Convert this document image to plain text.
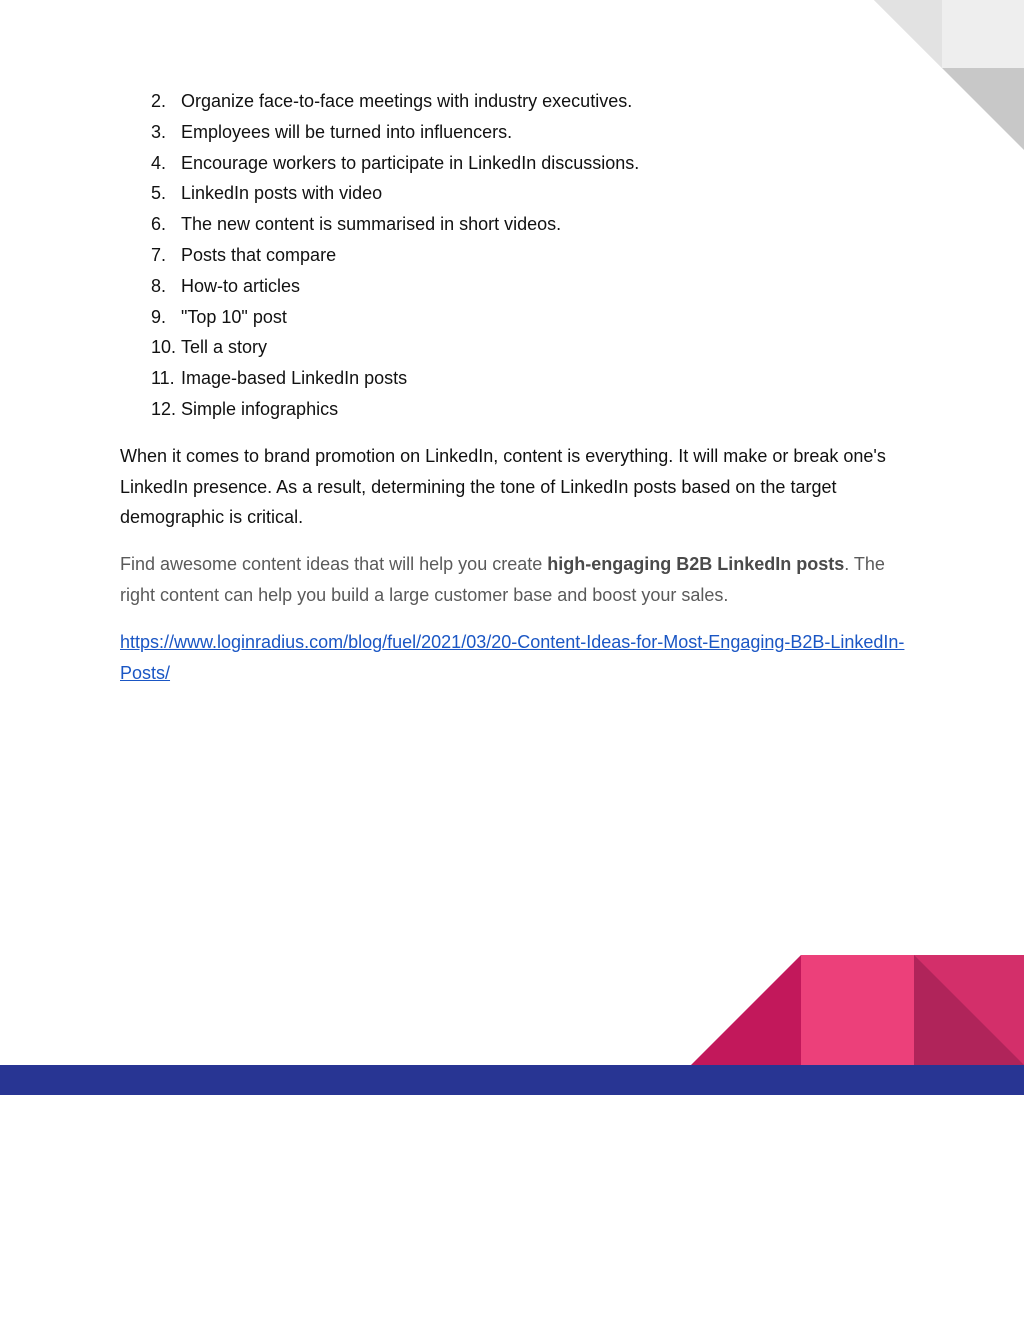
2. Organize face-to-face meetings with industry executives.
3. Employees will be turned into influencers.
4. Encourage workers to participate in LinkedIn discussions.
5. LinkedIn posts with video
6. The new content is summarised in short videos.
7. Posts that compare
8. How-to articles
9. "Top 10" post
10. Tell a story
11. Image-based LinkedIn posts
12. Simple infographics

When it comes to brand promotion on LinkedIn, content is everything. It will make or break one's LinkedIn presence. As a result, determining the tone of LinkedIn posts based on the target demographic is critical.

Find awesome content ideas that will help you create high-engaging B2B LinkedIn posts. The right content can help you build a large customer base and boost your sales.

https://www.loginradius.com/blog/fuel/2021/03/20-Content-Ideas-for-Most-Engaging-B2B-LinkedIn-Posts/
